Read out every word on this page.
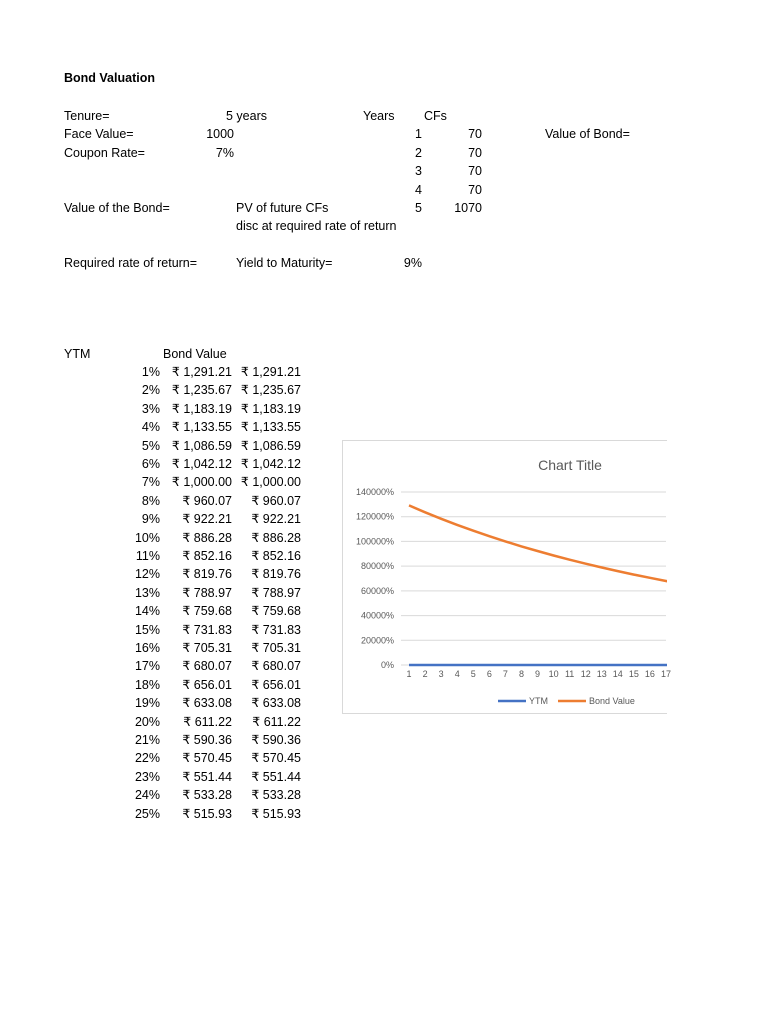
Bond Valuation
Tenure=	5 years
Face Value=	1000
Coupon Rate=	7%
Value of the Bond=	PV of future CFs
disc at required rate of return
Required rate of return=	Yield to Maturity=	9%
Years CFs
Value of Bond=
1	70
2	70
3	70
4	70
5	1070
YTM	Bond Value
1% ₹ 1,291.21 ₹ 1,291.21
2% ₹ 1,235.67 ₹ 1,235.67
3% ₹ 1,183.19 ₹ 1,183.19
4% ₹ 1,133.55 ₹ 1,133.55
5% ₹ 1,086.59 ₹ 1,086.59
6% ₹ 1,042.12 ₹ 1,042.12
7% ₹ 1,000.00 ₹ 1,000.00
8%	₹ 960.07	₹ 960.07
9%	₹ 922.21	₹ 922.21
10%	₹ 886.28	₹ 886.28
11%	₹ 852.16	₹ 852.16
12%	₹ 819.76	₹ 819.76
13%	₹ 788.97	₹ 788.97
14%	₹ 759.68	₹ 759.68
15%	₹ 731.83	₹ 731.83
16%	₹ 705.31	₹ 705.31
17%	₹ 680.07	₹ 680.07
18%	₹ 656.01	₹ 656.01
19%	₹ 633.08	₹ 633.08
20%	₹ 611.22	₹ 611.22
21%	₹ 590.36	₹ 590.36
22%	₹ 570.45	₹ 570.45
23%	₹ 551.44	₹ 551.44
24%	₹ 533.28	₹ 533.28
25%	₹ 515.93	₹ 515.93
Chart Title
0%
20000%
40000%
60000%
80000%
100000%
120000%
140000%
1 2 3 4 5 6 7 8 9 10 11 12 13 14 15 16 17
YTM	Bond Value
